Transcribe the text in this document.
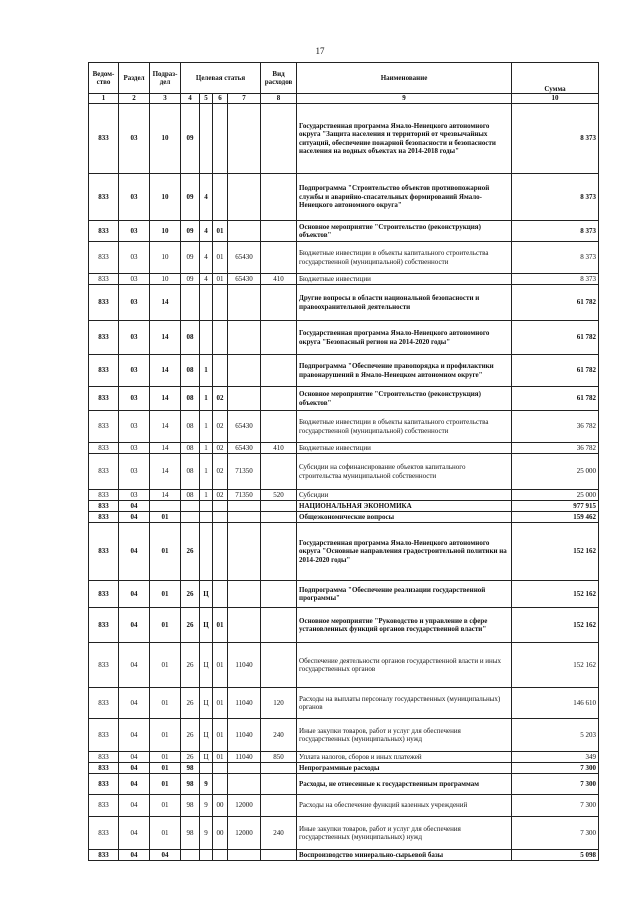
17
Ведом- ство	Раздел	Подраз- дел	Целевая статья				Вид расходов	Наименование	Сумма
1	2	3	4	5	6	7	8	9	10
833	03	10	09					Государственная программа Ямало-Ненецкого автономного округа "Защита населения и территорий от чрезвычайных ситуаций, обеспечение пожарной безопасности и безопасности населения на водных объектах на 2014-2018 годы"	8 373
833	03	10	09	4				Подпрограмма "Строительство объектов противопожарной службы и аварийно-спасательных формирований Ямало-Ненецкого автономного округа"	8 373
833	03	10	09	4	01			Основное мероприятие "Строительство (реконструкция) объектов"	8 373
833	03	10	09	4	01	65430		Бюджетные инвестиции в объекты капитального строительства государственной (муниципальной) собственности	8 373
833	03	10	09	4	01	65430	410	Бюджетные инвестиции	8 373
833	03	14						Другие вопросы в области национальной безопасности и правоохранительной деятельности	61 782
833	03	14	08					Государственная программа Ямало-Ненецкого автономного округа "Безопасный регион на 2014-2020 годы"	61 782
833	03	14	08	1				Подпрограмма "Обеспечение правопорядка и профилактики правонарушений в Ямало-Ненецком автономном округе"	61 782
833	03	14	08	1	02			Основное мероприятие "Строительство (реконструкция) объектов"	61 782
833	03	14	08	1	02	65430		Бюджетные инвестиции в объекты капитального строительства государственной (муниципальной) собственности	36 782
833	03	14	08	1	02	65430	410	Бюджетные инвестиции	36 782
833	03	14	08	1	02	71350		Субсидии на софинансирование объектов капитального строительства муниципальной собственности	25 000
833	03	14	08	1	02	71350	520	Субсидии	25 000
833	04							НАЦИОНАЛЬНАЯ ЭКОНОМИКА	977 915
833	04	01						Общеэкономические вопросы	159 462
833	04	01	26					Государственная программа Ямало-Ненецкого автономного округа "Основные направления градостроительной политики на 2014-2020 годы"	152 162
833	04	01	26	Ц				Подпрограмма "Обеспечение реализации государственной программы"	152 162
833	04	01	26	Ц	01			Основное мероприятие "Руководство и управление в сфере установленных функций органов государственной власти"	152 162
833	04	01	26	Ц	01	11040		Обеспечение деятельности органов государственной власти и иных государственных органов	152 162
833	04	01	26	Ц	01	11040	120	Расходы на выплаты персоналу государственных (муниципальных) органов	146 610
833	04	01	26	Ц	01	11040	240	Иные закупки товаров, работ и услуг для обеспечения государственных (муниципальных) нужд	5 203
833	04	01	26	Ц	01	11040	850	Уплата налогов, сборов и иных платежей	349
833	04	01	98					Непрограммные расходы	7 300
833	04	01	98	9				Расходы, не отнесенные к государственным программам	7 300
833	04	01	98	9	00	12000		Расходы на обеспечение функций казенных учреждений	7 300
833	04	01	98	9	00	12000	240	Иные закупки товаров, работ и услуг для обеспечения государственных (муниципальных) нужд	7 300
833	04	04						Воспроизводство минерально-сырьевой базы	5 098
